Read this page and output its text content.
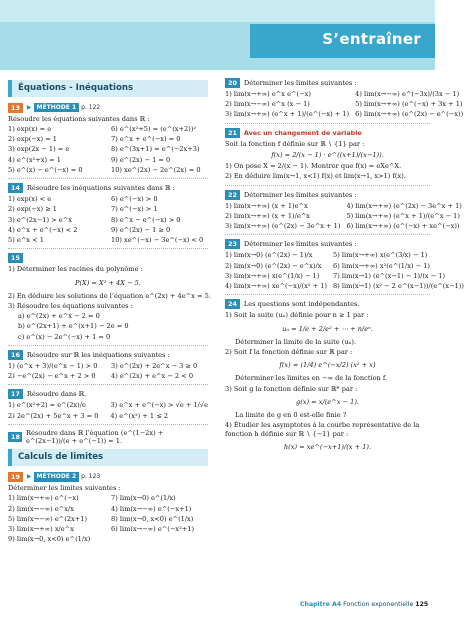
S’entraîner
Équations - Inéquations
13	▶ MÉTHODE 1 p. 122
Résoudre les équations suivantes dans ℝ :
1) exp(x) = e	6) e^(x²+5) = (e^(x+2))²
2) exp(−x) = 1	7) e^x + e^(−x) = 0
3) exp(2x − 1) = e	8) e^(3x+1) = e^(−2x+3)
4) e^(x²+x) = 1	9) e^(2x) − 1 = 0
5) e^(x) − e^(−x) = 0	10) xe^(2x) − 2e^(2x) = 0
14	Résoudre les inéquations suivantes dans ℝ :
1) exp(x) < e	6) e^(−x) > 0
2) exp(−x) ≥ 1	7) e^(−x) > 1
3) e^(2x−1) > e^x	8) e^x − e^(−x) > 0
4) e^x + e^(−x) < 2	9) e^(2x) − 1 ≥ 0
5) e^x < 1	10) xe^(−x) − 3e^(−x) < 0
15
1) Déterminer les racines du polynôme :
P(X) = X² + 4X − 5.
2) En déduire les solutions de l’équation e^(2x) + 4e^x = 5.
3) Résoudre les équations suivantes :
a) e^(2x) + e^x − 2 = 0
b) e^(2x+1) + e^(x+1) − 2e = 0
c) e^(x) − 2e^(−x) + 1 = 0
16	Résoudre sur ℝ les inéquations suivantes :
1) (e^x + 3)/(e^x − 1) > 0	3) e^(2x) + 2e^x − 3 ≥ 0
2) −e^(2x) − e^x + 2 > 0	4) e^(2x) + e^x − 2 < 0
17	Résoudre dans ℝ.
1) e^(x²+2) = e^(2x)/e	3) e^x + e^(−x) > √e + 1/√e
2) 2e^(2x) + 5e^x + 3 = 0	4) e^(x²) + 1 ≤ 2
18
Résoudre dans ℝ l’équation (e^(1−2x) + e^(2x−1))/(e + e^(−1)) = 1.
Calculs de limites
19	▶ MÉTHODE 2 p. 123
Déterminer les limites suivantes :
1) lim(x→+∞) e^(−x)	7) lim(x→0) e^(1/x)
2) lim(x→−∞) e^x/x	4) lim(x→−∞) e^(−x+1)
5) lim(x→−∞) e^(2x+1)	8) lim(x→0, x<0) e^(1/x)
3) lim(x→+∞) x/e^x	6) lim(x→−∞) e^(−x²+1)
9) lim(x→0, x<0) e^(1/x)
20	Déterminer les limites suivantes :
1) lim(x→+∞) e^x e^(−x)	4) lim(x→−∞) e^(−3x)/(3x − 1)
2) lim(x→−∞) e^x (x − 1)	5) lim(x→+∞) (e^(−x) + 3x + 1)
3) lim(x→+∞) (e^x + 1)/(e^(−x) + 1) 6) lim(x→+∞) (e^(2x) − e^(−x))
21	Avec un changement de variable
Soit la fonction f définie sur ℝ ∖ {1} par :
f(x) = 2/(x − 1) · e^((x+1)/(x−1)).
1) On pose X = 2/(x − 1). Montrer que f(x) = eXe^X.
2) En déduire lim(x→1, x<1) f(x) et lim(x→1, x>1) f(x).
22	Déterminer les limites suivantes :
1) lim(x→+∞) (x + 1)e^x	4) lim(x→+∞) (e^(2x) − 3e^x + 1)
2) lim(x→+∞) (x + 1)/e^x	5) lim(x→+∞) (e^x + 1)/(e^x − 1)
3) lim(x→+∞) (e^(2x) − 3e^x + 1) 6) lim(x→+∞) (e^(−x) + xe^(−x))
23	Déterminer les limites suivantes :
1) lim(x→0) (e^(2x) − 1)/x	5) lim(x→+∞) x(e^(3/x) − 1)
2) lim(x→0) (e^(2x) − e^x)/x	6) lim(x→+∞) x²(e^(1/x) − 1)
3) lim(x→+∞) x(e^(1/x) − 1)	7) lim(x→1) (e^(x−1) − 1)/(x − 1)
4) lim(x→+∞) xe^(−x)/(x² + 1) 8) lim(x→1) (x² − 2 e^(x−1))/(e^(x−1))
24	Les questions sont indépendantes.
1) Soit la suite (uₙ) définie pour n ≥ 1 par :
uₙ = 1/e + 2/e² + ⋯ + n/eⁿ.
Déterminer la limite de la suite (uₙ).
2) Soit f la fonction définie sur ℝ par :
f(x) = (1/4) e^(−x/2) (x² + x)
Déterminer les limites en −∞ de la fonction f.
3) Soit g la fonction définie sur ℝ* par :
g(x) = x/(e^x − 1).
La limite de g en 0 est-elle finie ?
4) Étudier les asymptotes à la courbe représentative de la fonction h définie sur ℝ ∖ {−1} par :
h(x) = xe^(−x+1)/(x + 1).
Chapitre A4 Fonction exponentielle 125
